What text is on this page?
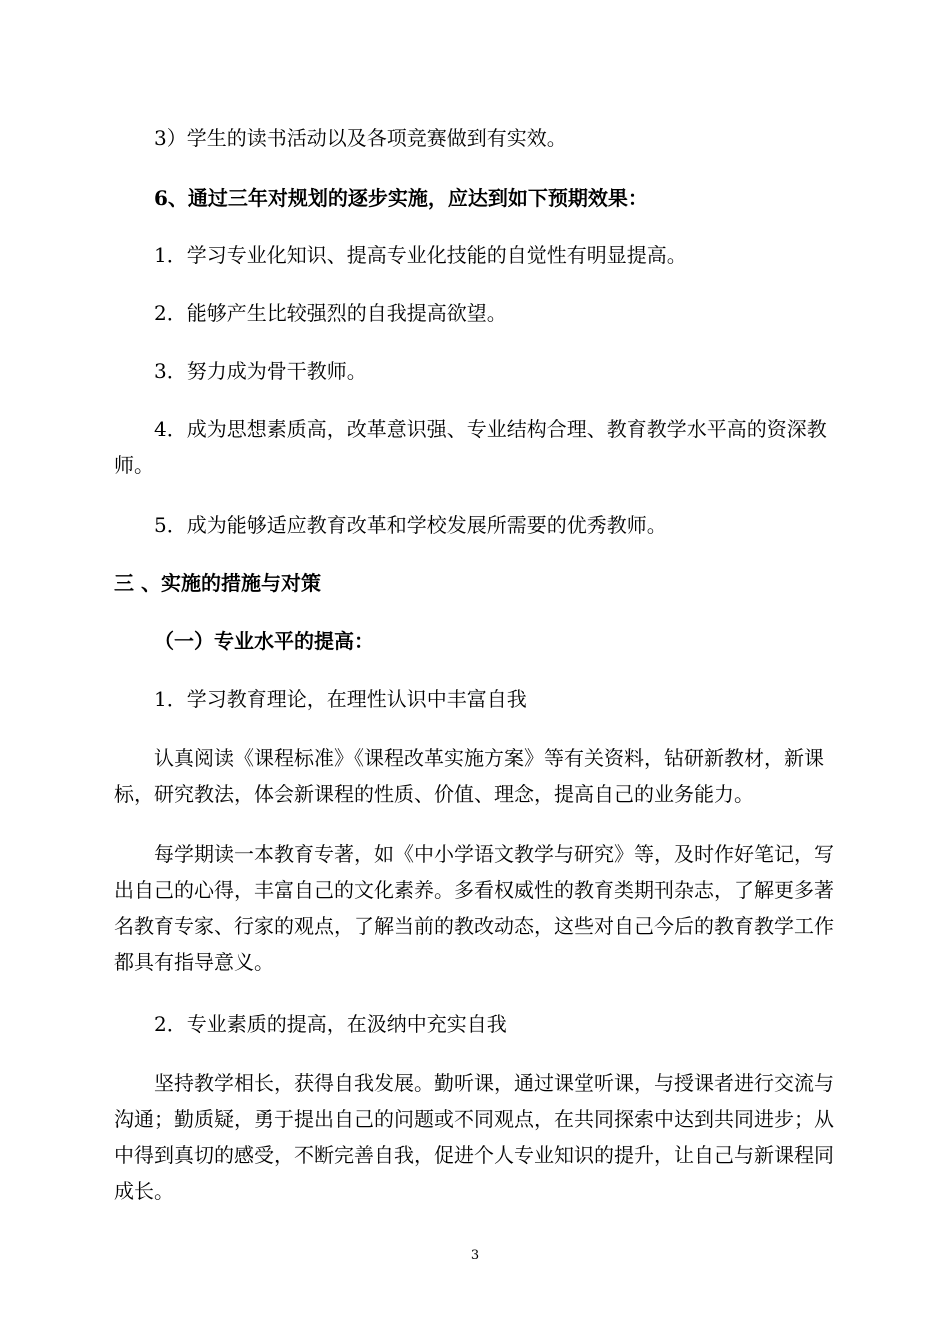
3）学生的读书活动以及各项竞赛做到有实效。

6、通过三年对规划的逐步实施，应达到如下预期效果：

1．学习专业化知识、提高专业化技能的自觉性有明显提高。

2．能够产生比较强烈的自我提高欲望。

3．努力成为骨干教师。

4．成为思想素质高，改革意识强、专业结构合理、教育教学水平高的资深教师。

5．成为能够适应教育改革和学校发展所需要的优秀教师。

三 、实施的措施与对策

（一）专业水平的提高：

1．学习教育理论，在理性认识中丰富自我

认真阅读《课程标准》《课程改革实施方案》等有关资料，钻研新教材，新课标，研究教法，体会新课程的性质、价值、理念，提高自己的业务能力。

每学期读一本教育专著，如《中小学语文教学与研究》等，及时作好笔记，写出自己的心得，丰富自己的文化素养。多看权威性的教育类期刊杂志，了解更多著名教育专家、行家的观点，了解当前的教改动态，这些对自己今后的教育教学工作都具有指导意义。

2．专业素质的提高，在汲纳中充实自我

坚持教学相长，获得自我发展。勤听课，通过课堂听课，与授课者进行交流与沟通；勤质疑，勇于提出自己的问题或不同观点，在共同探索中达到共同进步；从中得到真切的感受，不断完善自我，促进个人专业知识的提升，让自己与新课程同成长。

3
